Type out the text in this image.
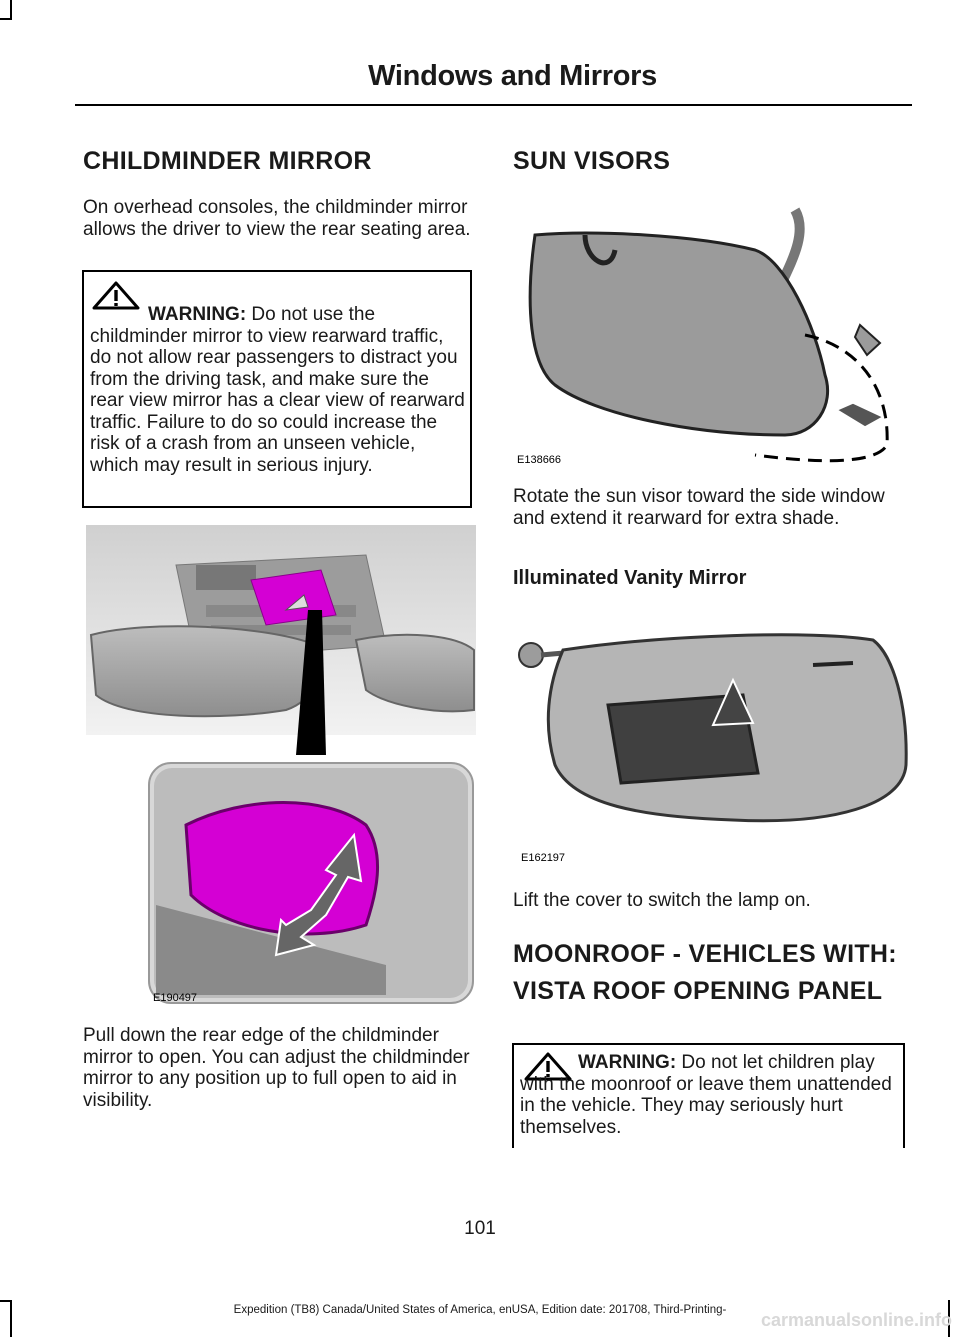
Windows and Mirrors
CHILDMINDER MIRROR

On overhead consoles, the childminder mirror allows the driver to view the rear seating area.

WARNING: Do not use the childminder mirror to view rearward traffic, do not allow rear passengers to distract you from the driving task, and make sure the rear view mirror has a clear view of rearward traffic. Failure to do so could increase the risk of a crash from an unseen vehicle, which may result in serious injury.

E190497

Pull down the rear edge of the childminder mirror to open. You can adjust the childminder mirror to any position up to full open to aid in visibility.

SUN VISORS
E138666

Rotate the sun visor toward the side window and extend it rearward for extra shade.

Illuminated Vanity Mirror
E162197

Lift the cover to switch the lamp on.

MOONROOF - VEHICLES WITH:
VISTA ROOF OPENING PANEL

WARNING: Do not let children play with the moonroof or leave them unattended in the vehicle. They may seriously hurt themselves.

101
Expedition (TB8) Canada/United States of America, enUSA, Edition date: 201708, Third-Printing-	carmanualsonline.info
